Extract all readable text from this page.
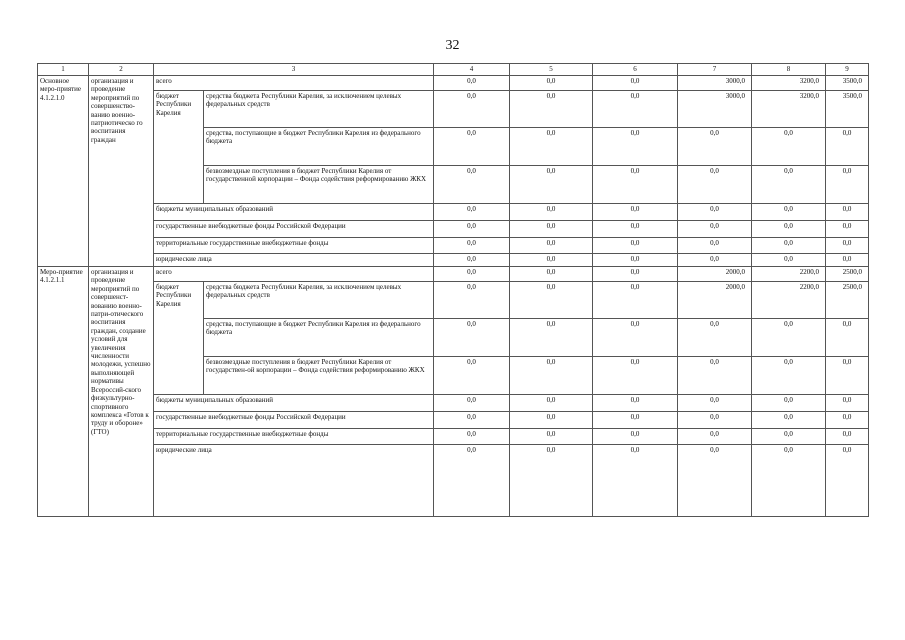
32
1	2	3		4	5	6	7	8	9
Основное меро-приятие 4.1.2.1.0	организация и проведение мероприятий по совершенство-ванию военно-патриотическо го воспитания граждан	всего		0,0	0,0	0,0	3000,0	3200,0	3500,0
		бюджет Республики Карелия	средства бюджета Республики Карелия, за исключением целевых федеральных средств	0,0	0,0	0,0	3000,0	3200,0	3500,0
			средства, поступающие в бюджет Республики Карелия из федерального бюджета	0,0	0,0	0,0	0,0	0,0	0,0
			безвозмездные поступления в бюджет Республики Карелия от государственной корпорации – Фонда содействия реформированию ЖКХ	0,0	0,0	0,0	0,0	0,0	0,0
		бюджеты муниципальных образований		0,0	0,0	0,0	0,0	0,0	0,0
		государственные внебюджетные фонды Российской Федерации		0,0	0,0	0,0	0,0	0,0	0,0
		территориальные государственные внебюджетные фонды		0,0	0,0	0,0	0,0	0,0	0,0
		юридические лица		0,0	0,0	0,0	0,0	0,0	0,0
Меро-приятие 4.1.2.1.1	организация и проведение мероприятий по совершенст-вованию военно-патри-отического воспитания граждан, создание условий для увеличения численности молодежи, успешно выполняющей нормативы Всероссий-ского физкультурно-спортивного комплекса «Готов к труду и обороне» (ГТО)	всего		0,0	0,0	0,0	2000,0	2200,0	2500,0
		бюджет Республики Карелия	средства бюджета Республики Карелия, за исключением целевых федеральных средств	0,0	0,0	0,0	2000,0	2200,0	2500,0
			средства, поступающие в бюджет Республики Карелия из федерального бюджета	0,0	0,0	0,0	0,0	0,0	0,0
			безвозмездные поступления в бюджет Республики Карелия от государствен-ой корпорации – Фонда содействия реформированию ЖКХ	0,0	0,0	0,0	0,0	0,0	0,0
		бюджеты муниципальных образований		0,0	0,0	0,0	0,0	0,0	0,0
		государственные внебюджетные фонды Российской Федерации		0,0	0,0	0,0	0,0	0,0	0,0
		территориальные государственные внебюджетные фонды		0,0	0,0	0,0	0,0	0,0	0,0
		юридические лица		0,0	0,0	0,0	0,0	0,0	0,0
